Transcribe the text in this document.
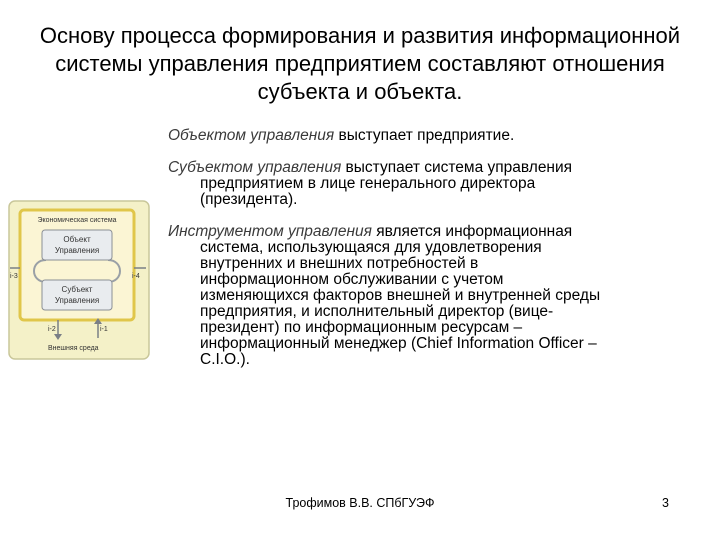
Основу процесса формирования и развития информационной
системы управления предприятием составляют отношения
субъекта и объекта.
Экономическая система
Объект
Управления
Субъект
Управления
i-3	i-4
i-2	i-1
Внешняя среда
Объектом управления выступает предприятие.
Субъектом управления выступает система управления
предприятием в лице генерального директора
(президента).
Инструментом управления является информационная
система, использующаяся для удовлетворения
внутренних и внешних потребностей в
информационном обслуживании с учетом
изменяющихся факторов внешней и внутренней среды
предприятия, и исполнительный директор (вице-
президент) по информационным ресурсам –
информационный менеджер (Chief Information Officer –
C.I.O.).
Трофимов В.В. СПбГУЭФ	3
